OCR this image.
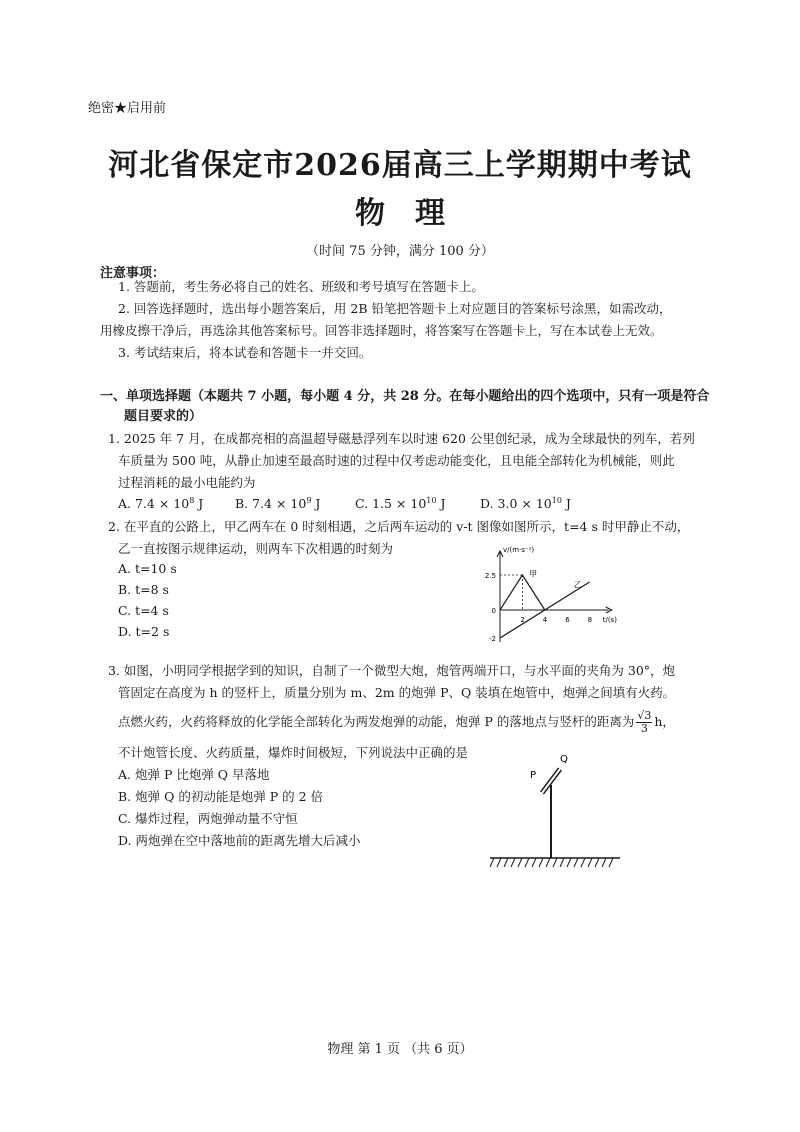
绝密★启用前
河北省保定市2026届高三上学期期中考试
物理
（时间 75 分钟，满分 100 分）
注意事项：
1. 答题前，考生务必将自己的姓名、班级和考号填写在答题卡上。
2. 回答选择题时，选出每小题答案后，用 2B 铅笔把答题卡上对应题目的答案标号涂黑，如需改动，
用橡皮擦干净后，再选涂其他答案标号。回答非选择题时，将答案写在答题卡上，写在本试卷上无效。
3. 考试结束后，将本试卷和答题卡一并交回。
一、单项选择题（本题共 7 小题，每小题 4 分，共 28 分。在每小题给出的四个选项中，只有一项是符合
题目要求的）
1. 2025 年 7 月，在成都亮相的高温超导磁悬浮列车以时速 620 公里创纪录，成为全球最快的列车，若列
车质量为 500 吨，从静止加速至最高时速的过程中仅考虑动能变化，且电能全部转化为机械能，则此
过程消耗的最小电能约为
A. $7.4 \times 10^8$ J	B. $7.4 \times 10^9$ J	C. $1.5 \times 10^{10}$ J	D. $3.0 \times 10^{10}$ J
2. 在平直的公路上，甲乙两车在 0 时刻相遇，之后两车运动的 v-t 图像如图所示，t=4 s 时甲静止不动，
乙一直按图示规律运动，则两车下次相遇的时刻为
A. t=10 s
B. t=8 s
C. t=4 s
D. t=2 s
v/(m·s⁻¹)
t/(s)
2.5
0
-2
2	4	6	8
甲
乙
3. 如图，小明同学根据学到的知识，自制了一个微型大炮，炮管两端开口，与水平面的夹角为 30°，炮
管固定在高度为 h 的竖杆上，质量分别为 m、2m 的炮弹 P、Q 装填在炮管中，炮弹之间填有火药。
点燃火药，火药将释放的化学能全部转化为两发炮弹的动能，炮弹 P 的落地点与竖杆的距离为 $\frac{√3}{3}$ h，
不计炮管长度、火药质量，爆炸时间极短，下列说法中正确的是
A. 炮弹 P 比炮弹 Q 早落地
B. 炮弹 Q 的初动能是炮弹 P 的 2 倍
C. 爆炸过程，两炮弹动量不守恒
D. 两炮弹在空中落地前的距离先增大后减小
P
Q
物理 第 1 页 （共 6 页）
